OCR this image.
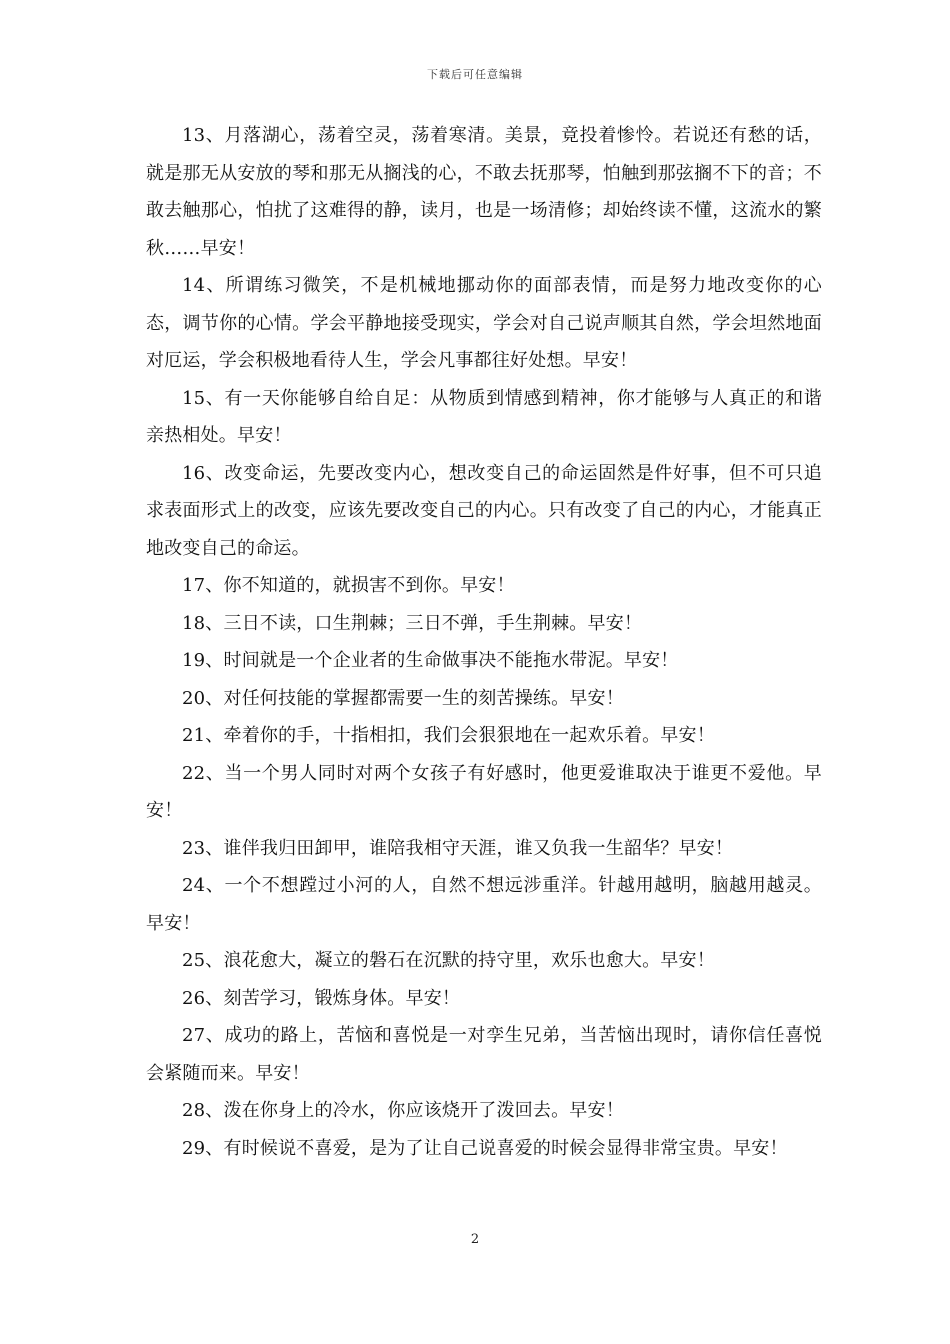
下载后可任意编辑

13、月落湖心，荡着空灵，荡着寒清。美景，竟投着惨怜。若说还有愁的话，就是那无从安放的琴和那无从搁浅的心，不敢去抚那琴，怕触到那弦搁不下的音；不敢去触那心，怕扰了这难得的静，读月，也是一场清修；却始终读不懂，这流水的繁秋……早安！

14、所谓练习微笑，不是机械地挪动你的面部表情，而是努力地改变你的心态，调节你的心情。学会平静地接受现实，学会对自己说声顺其自然，学会坦然地面对厄运，学会积极地看待人生，学会凡事都往好处想。早安！

15、有一天你能够自给自足：从物质到情感到精神，你才能够与人真正的和谐亲热相处。早安！

16、改变命运，先要改变内心，想改变自己的命运固然是件好事，但不可只追求表面形式上的改变，应该先要改变自己的内心。只有改变了自己的内心，才能真正地改变自己的命运。

17、你不知道的，就损害不到你。早安！

18、三日不读，口生荆棘；三日不弹，手生荆棘。早安！

19、时间就是一个企业者的生命做事决不能拖水带泥。早安！

20、对任何技能的掌握都需要一生的刻苦操练。早安！

21、牵着你的手，十指相扣，我们会狠狠地在一起欢乐着。早安！

22、当一个男人同时对两个女孩子有好感时，他更爱谁取决于谁更不爱他。早安！

23、谁伴我归田卸甲，谁陪我相守天涯，谁又负我一生韶华？早安！

24、一个不想蹚过小河的人，自然不想远涉重洋。针越用越明，脑越用越灵。早安！

25、浪花愈大，凝立的磐石在沉默的持守里，欢乐也愈大。早安！

26、刻苦学习，锻炼身体。早安！

27、成功的路上，苦恼和喜悦是一对孪生兄弟，当苦恼出现时，请你信任喜悦会紧随而来。早安！

28、泼在你身上的冷水，你应该烧开了泼回去。早安！

29、有时候说不喜爱，是为了让自己说喜爱的时候会显得非常宝贵。早安！

2
